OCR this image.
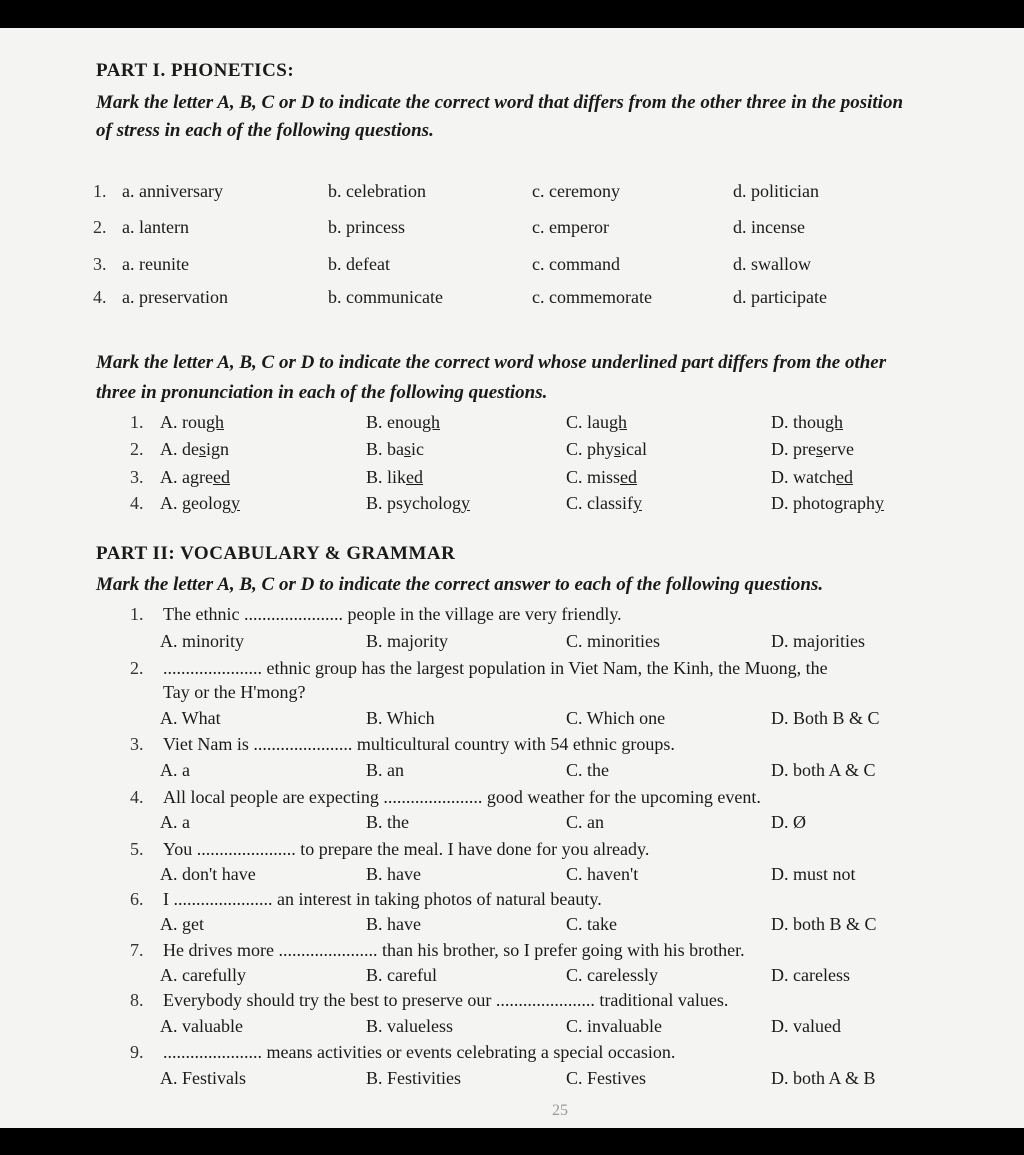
PART I. PHONETICS:
Mark the letter A, B, C or D to indicate the correct word that differs from the other three in the position
of stress in each of the following questions.
1. a. anniversary	b. celebration	c. ceremony	d. politician
2. a. lantern	b. princess	c. emperor	d. incense
3. a. reunite	b. defeat	c. command	d. swallow
4. a. preservation	b. communicate	c. commemorate	d. participate
Mark the letter A, B, C or D to indicate the correct word whose underlined part differs from the other
three in pronunciation in each of the following questions.
1. A. rough	B. enough	C. laugh	D. though
2. A. design	B. basic	C. physical	D. preserve
3. A. agreed	B. liked	C. missed	D. watched
4. A. geology	B. psychology	C. classify	D. photography
PART II: VOCABULARY & GRAMMAR
Mark the letter A, B, C or D to indicate the correct answer to each of the following questions.
1. The ethnic ...................... people in the village are very friendly.
A. minority	B. majority	C. minorities	D. majorities
2. ...................... ethnic group has the largest population in Viet Nam, the Kinh, the Muong, the
Tay or the H'mong?
A. What	B. Which	C. Which one	D. Both B & C
3. Viet Nam is ...................... multicultural country with 54 ethnic groups.
A. a	B. an	C. the	D. both A & C
4. All local people are expecting ...................... good weather for the upcoming event.
A. a	B. the	C. an	D. Ø
5. You ...................... to prepare the meal. I have done for you already.
A. don't have	B. have	C. haven't	D. must not
6. I ...................... an interest in taking photos of natural beauty.
A. get	B. have	C. take	D. both B & C
7. He drives more ...................... than his brother, so I prefer going with his brother.
A. carefully	B. careful	C. carelessly	D. careless
8. Everybody should try the best to preserve our ...................... traditional values.
A. valuable	B. valueless	C. invaluable	D. valued
9. ...................... means activities or events celebrating a special occasion.
A. Festivals	B. Festivities	C. Festives	D. both A & B
25
